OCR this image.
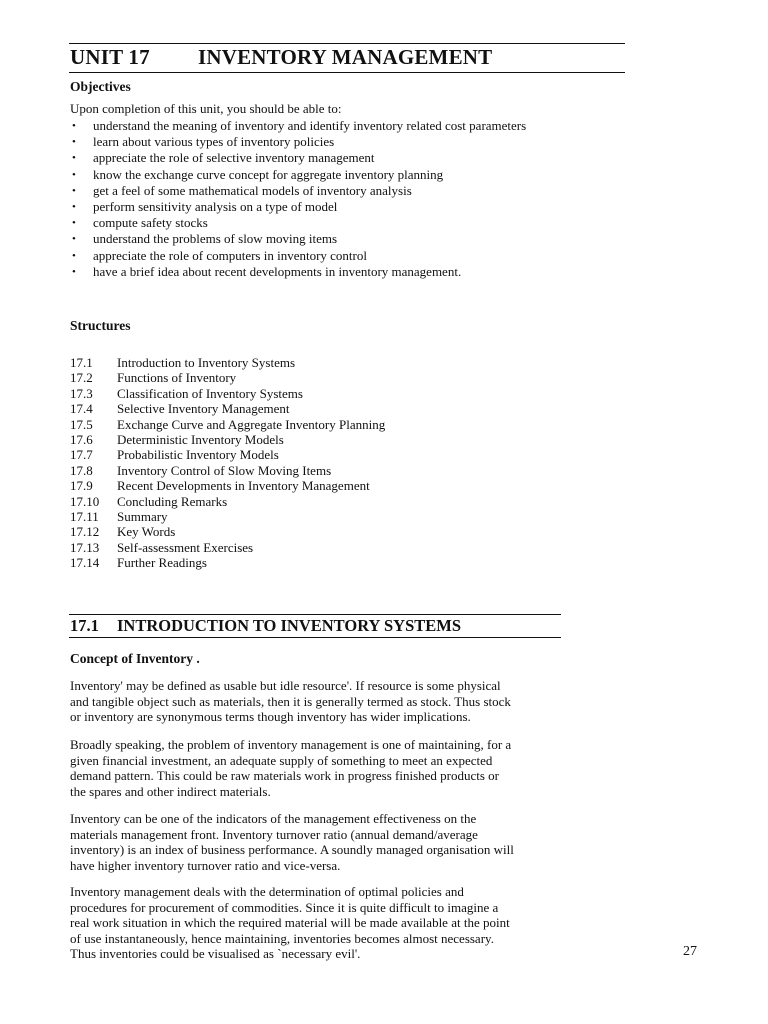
UNIT 17 INVENTORY MANAGEMENT
Objectives
Upon completion of this unit, you should be able to:
• understand the meaning of inventory and identify inventory related cost parameters
• learn about various types of inventory policies
• appreciate the role of selective inventory management
• know the exchange curve concept for aggregate inventory planning
• get a feel of some mathematical models of inventory analysis
• perform sensitivity analysis on a type of model
• compute safety stocks
• understand the problems of slow moving items
• appreciate the role of computers in inventory control
• have a brief idea about recent developments in inventory management.
Structures
17.1 Introduction to Inventory Systems
17.2 Functions of Inventory
17.3 Classification of Inventory Systems
17.4 Selective Inventory Management
17.5 Exchange Curve and Aggregate Inventory Planning
17.6 Deterministic Inventory Models
17.7 Probabilistic Inventory Models
17.8 Inventory Control of Slow Moving Items
17.9 Recent Developments in Inventory Management
17.10 Concluding Remarks
17.11 Summary
17.12 Key Words
17.13 Self-assessment Exercises
17.14 Further Readings
17.1 INTRODUCTION TO INVENTORY SYSTEMS
Concept of Inventory .
Inventory' may be defined as usable but idle resource'. If resource is some physical
and tangible object such as materials, then it is generally termed as stock. Thus stock
or inventory are synonymous terms though inventory has wider implications.
Broadly speaking, the problem of inventory management is one of maintaining, for a
given financial investment, an adequate supply of something to meet an expected
demand pattern. This could be raw materials work in progress finished products or
the spares and other indirect materials.
Inventory can be one of the indicators of the management effectiveness on the
materials management front. Inventory turnover ratio (annual demand/average
inventory) is an index of business performance. A soundly managed organisation will
have higher inventory turnover ratio and vice-versa.
Inventory management deals with the determination of optimal policies and
procedures for procurement of commodities. Since it is quite difficult to imagine a
real work situation in which the required material will be made available at the point
of use instantaneously, hence maintaining, inventories becomes almost necessary.
Thus inventories could be visualised as `necessary evil'.	27
